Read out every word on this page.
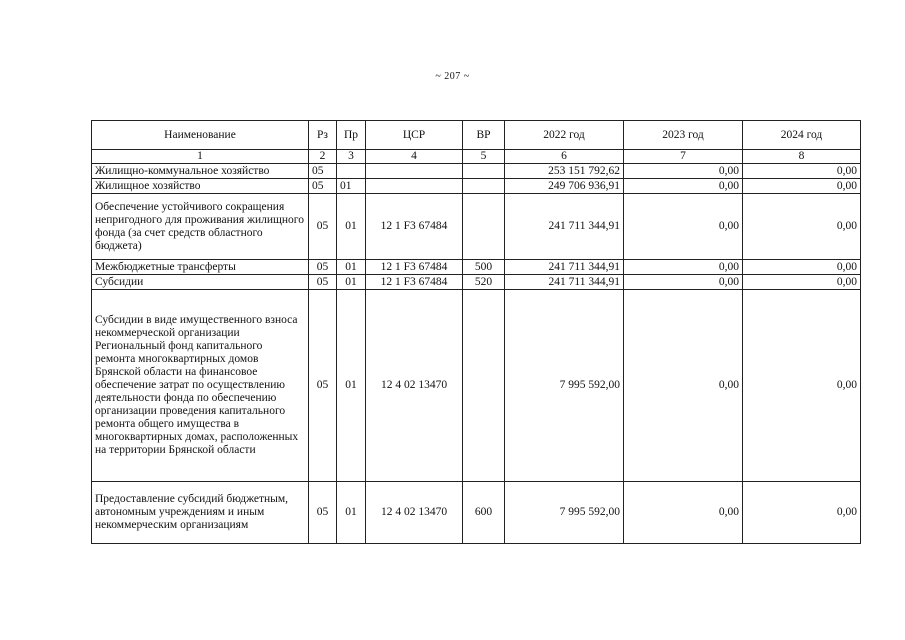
~ 207 ~
Наименование	Рз	Пр	ЦСР	ВР	2022 год	2023 год	2024 год
1	2	3	4	5	6	7	8
Жилищно-коммунальное хозяйство	05				253 151 792,62	0,00	0,00
Жилищное хозяйство	05	01			249 706 936,91	0,00	0,00
Обеспечение устойчивого сокращения непригодного для проживания жилищного фонда (за счет средств областного бюджета)	05	01	12 1 F3 67484		241 711 344,91	0,00	0,00
Межбюджетные трансферты	05	01	12 1 F3 67484	500	241 711 344,91	0,00	0,00
Субсидии	05	01	12 1 F3 67484	520	241 711 344,91	0,00	0,00
Субсидии в виде имущественного взноса некоммерческой организации Региональный фонд капитального ремонта многоквартирных домов Брянской области на финансовое обеспечение затрат по осуществлению деятельности фонда по обеспечению организации проведения капитального ремонта общего имущества в многоквартирных домах, расположенных на территории Брянской области	05	01	12 4 02 13470		7 995 592,00	0,00	0,00
Предоставление субсидий бюджетным, автономным учреждениям и иным некоммерческим организациям	05	01	12 4 02 13470	600	7 995 592,00	0,00	0,00
